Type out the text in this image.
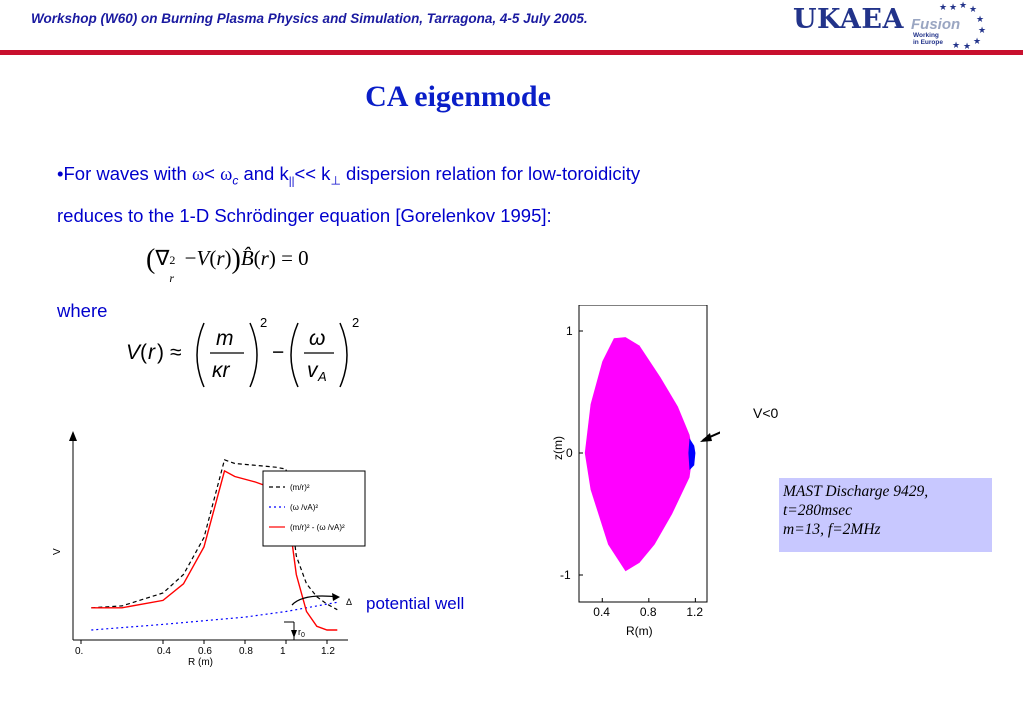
Workshop (W60) on Burning Plasma Physics and Simulation, Tarragona, 4-5 July 2005.	UKAEA Fusion
Working
in Europe
★ ★ ★
★
★
★
★
★
★
CA eigenmode
•For waves with $\omega< \omega_c$ and $k_{||}<< k_\perp$ dispersion relation for low-toroidicity
reduces to the 1-D Schrödinger equation [Gorelenkov 1995]:
(∇ 2
r
−V(r))B̂(r) = 0
where
V ( r ) ≈
m
κr
2
−
ω
v A
2
V
R (m)
0.	0.4	0.6	0.8	1	1.2
(m/r)²
(ω /vA)²
(m/r)² - (ω /vA)²
$r_0$
Δ potential well	0.4 0.8 1.2
1
0
-1
z(m)
R(m)
V<0
MAST Discharge 9429,
t=280msec
m=13, f=2MHz
